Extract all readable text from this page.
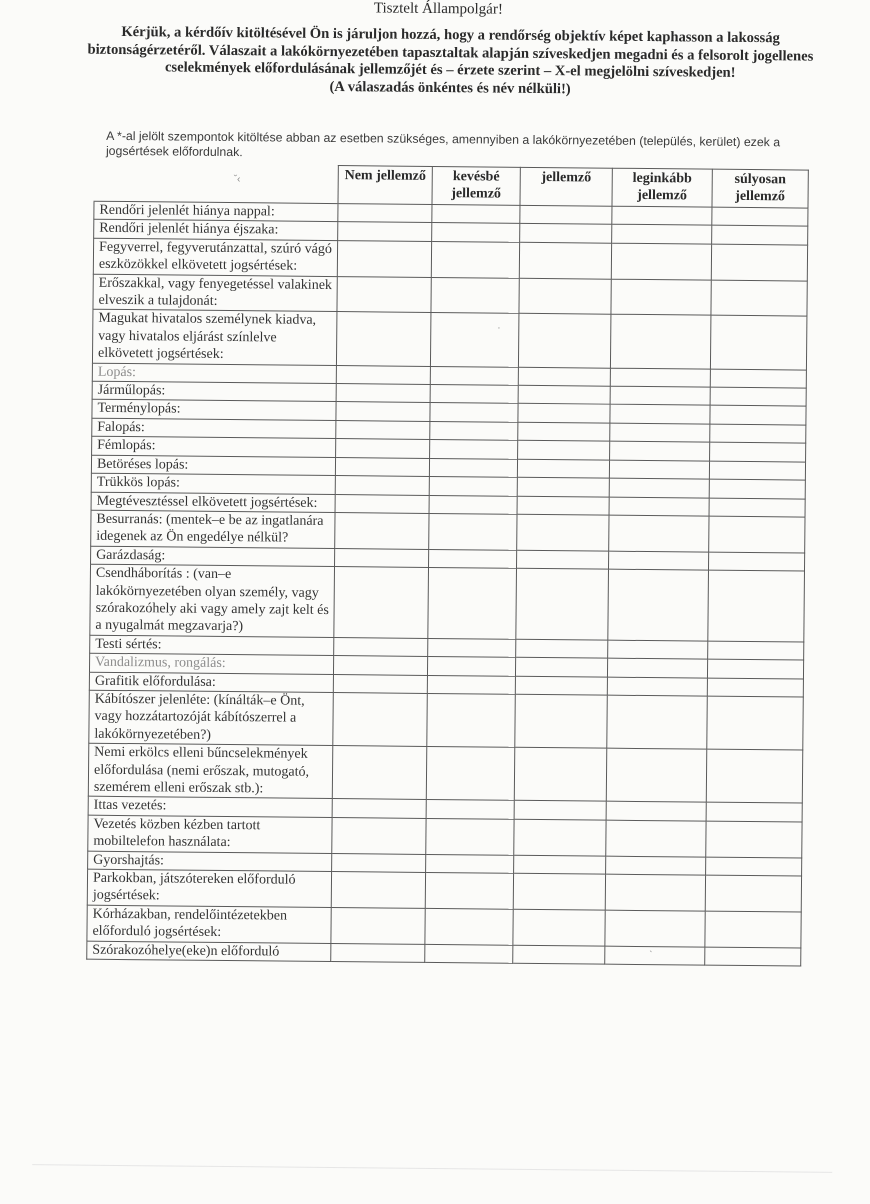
Tisztelt Állampolgár!
Kérjük, a kérdőív kitöltésével Ön is járuljon hozzá, hogy a rendőrség objektív képet kaphasson a lakosság biztonságérzetéről. Válaszait a lakókörnyezetében tapasztaltak alapján szíveskedjen megadni és a felsorolt jogellenes cselekmények előfordulásának jellemzőjét és – érzete szerint – X-el megjelölni szíveskedjen!
(A válaszadás önkéntes és név nélküli!)
A *-al jelölt szempontok kitöltése abban az esetben szükséges, amennyiben a lakókörnyezetében (település, kerület) ezek a jogsértések előfordulnak.
ˇ‹
		Nem jellemző	kevésbé jellemző	jellemző	leginkább jellemző	súlyosan jellemző
Rendőri jelenlét hiánya nappal:					
Rendőri jelenlét hiánya éjszaka:					
Fegyverrel, fegyverutánzattal, szúró vágó eszközökkel elkövetett jogsértések:					
Erőszakkal, vagy fenyegetéssel valakinek elveszik a tulajdonát:					
Magukat hivatalos személynek kiadva, vagy hivatalos eljárást színlelve elkövetett jogsértések:					
Lopás:					
Járműlopás:					
Terménylopás:					
Falopás:					
Fémlopás:					
Betöréses lopás:					
Trükkös lopás:					
Megtévesztéssel elkövetett jogsértések:					
Besurranás: (mentek–e be az ingatlanára idegenek az Ön engedélye nélkül?					
Garázdaság:					
Csendháborítás : (van–e lakókörnyezetében olyan személy, vagy szórakozóhely aki vagy amely zajt kelt és a nyugalmát megzavarja?)					
Testi sértés:					
Vandalizmus, rongálás:					
Grafitik előfordulása:					
Kábítószer jelenléte: (kínálták–e Önt, vagy hozzátartozóját kábítószerrel a lakókörnyezetében?)					
Nemi erkölcs elleni bűncselekmények előfordulása (nemi erőszak, mutogató, szemérem elleni erőszak stb.):					
Ittas vezetés:					
Vezetés közben kézben tartott mobiltelefon használata:					
Gyorshajtás:					
Parkokban, játszótereken előforduló jogsértések:					
Kórházakban, rendelőintézetekben előforduló jogsértések:					
Szórakozóhelye(eke)n előforduló					
·
ˎ
